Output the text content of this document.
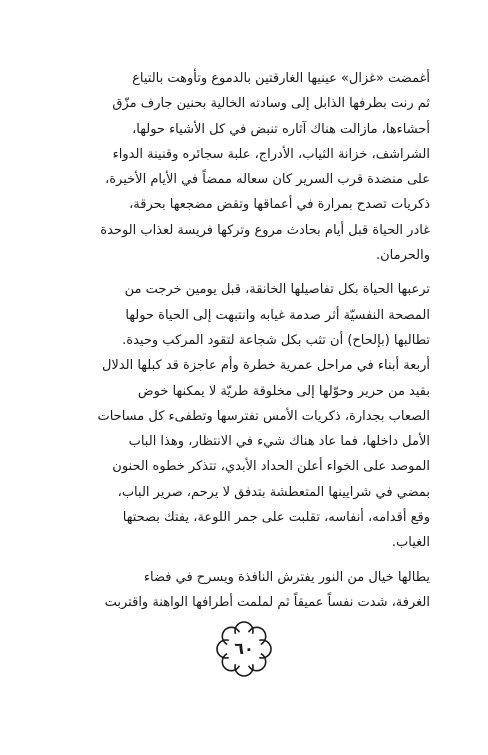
أغمضت «غزال» عينيها الغارقتين بالدموع وتأوهت بالتياع
ثم رنت بطرفها الذابل إلى وسادته الخالية بحنين جارف مزّق
أحشاءها، مازالت هناك آثاره تنبض في كل الأشياء حولها،
الشراشف، خزانة الثياب، الأدراج، علبة سجائره وقنينة الدواء
على منضدة قرب السرير كان سعاله ممضاً في الأيام الأخيرة،
ذكريات تصدح بمرارة في أعماقها وتقض مضجعها بحرقة،
غادر الحياة قبل أيام بحادث مروع وتركها فريسة لعذاب الوحدة
والحرمان.

ترعبها الحياة بكل تفاصيلها الخانقة، قبل يومين خرجت من
المصحة النفسيّة أثر صدمة غيابه وانتبهت إلى الحياة حولها
تطالبها (بإلحاح) أن تثب بكل شجاعة لتقود المركب وحيدة.
أربعة أبناء في مراحل عمرية خطرة وأم عاجزة قد كبلها الدلال
بقيد من حرير وحوّلها إلى مخلوقة طريّة لا يمكنها خوض
الصعاب بجدارة، ذكريات الأمس تفترسها وتطفىء كل مساحات
الأمل داخلها، فما عاد هناك شيء في الانتظار، وهذا الباب
الموصد على الخواء أعلن الحداد الأبدي، تتذكر خطوه الحنون
بمضي في شرايينها المتعطشة بتدفق لا يرحم، صرير الباب،
وقع أقدامه، أنفاسه، تقلبت على جمر اللوعة، يفتك بصحتها
الغياب.

يطالها خيال من النور يفترش النافذة ويسرح في فضاء
الغرفة، شدت نفساً عميقاً ثم لملمت أطرافها الواهنة واقتربت

٦٠
